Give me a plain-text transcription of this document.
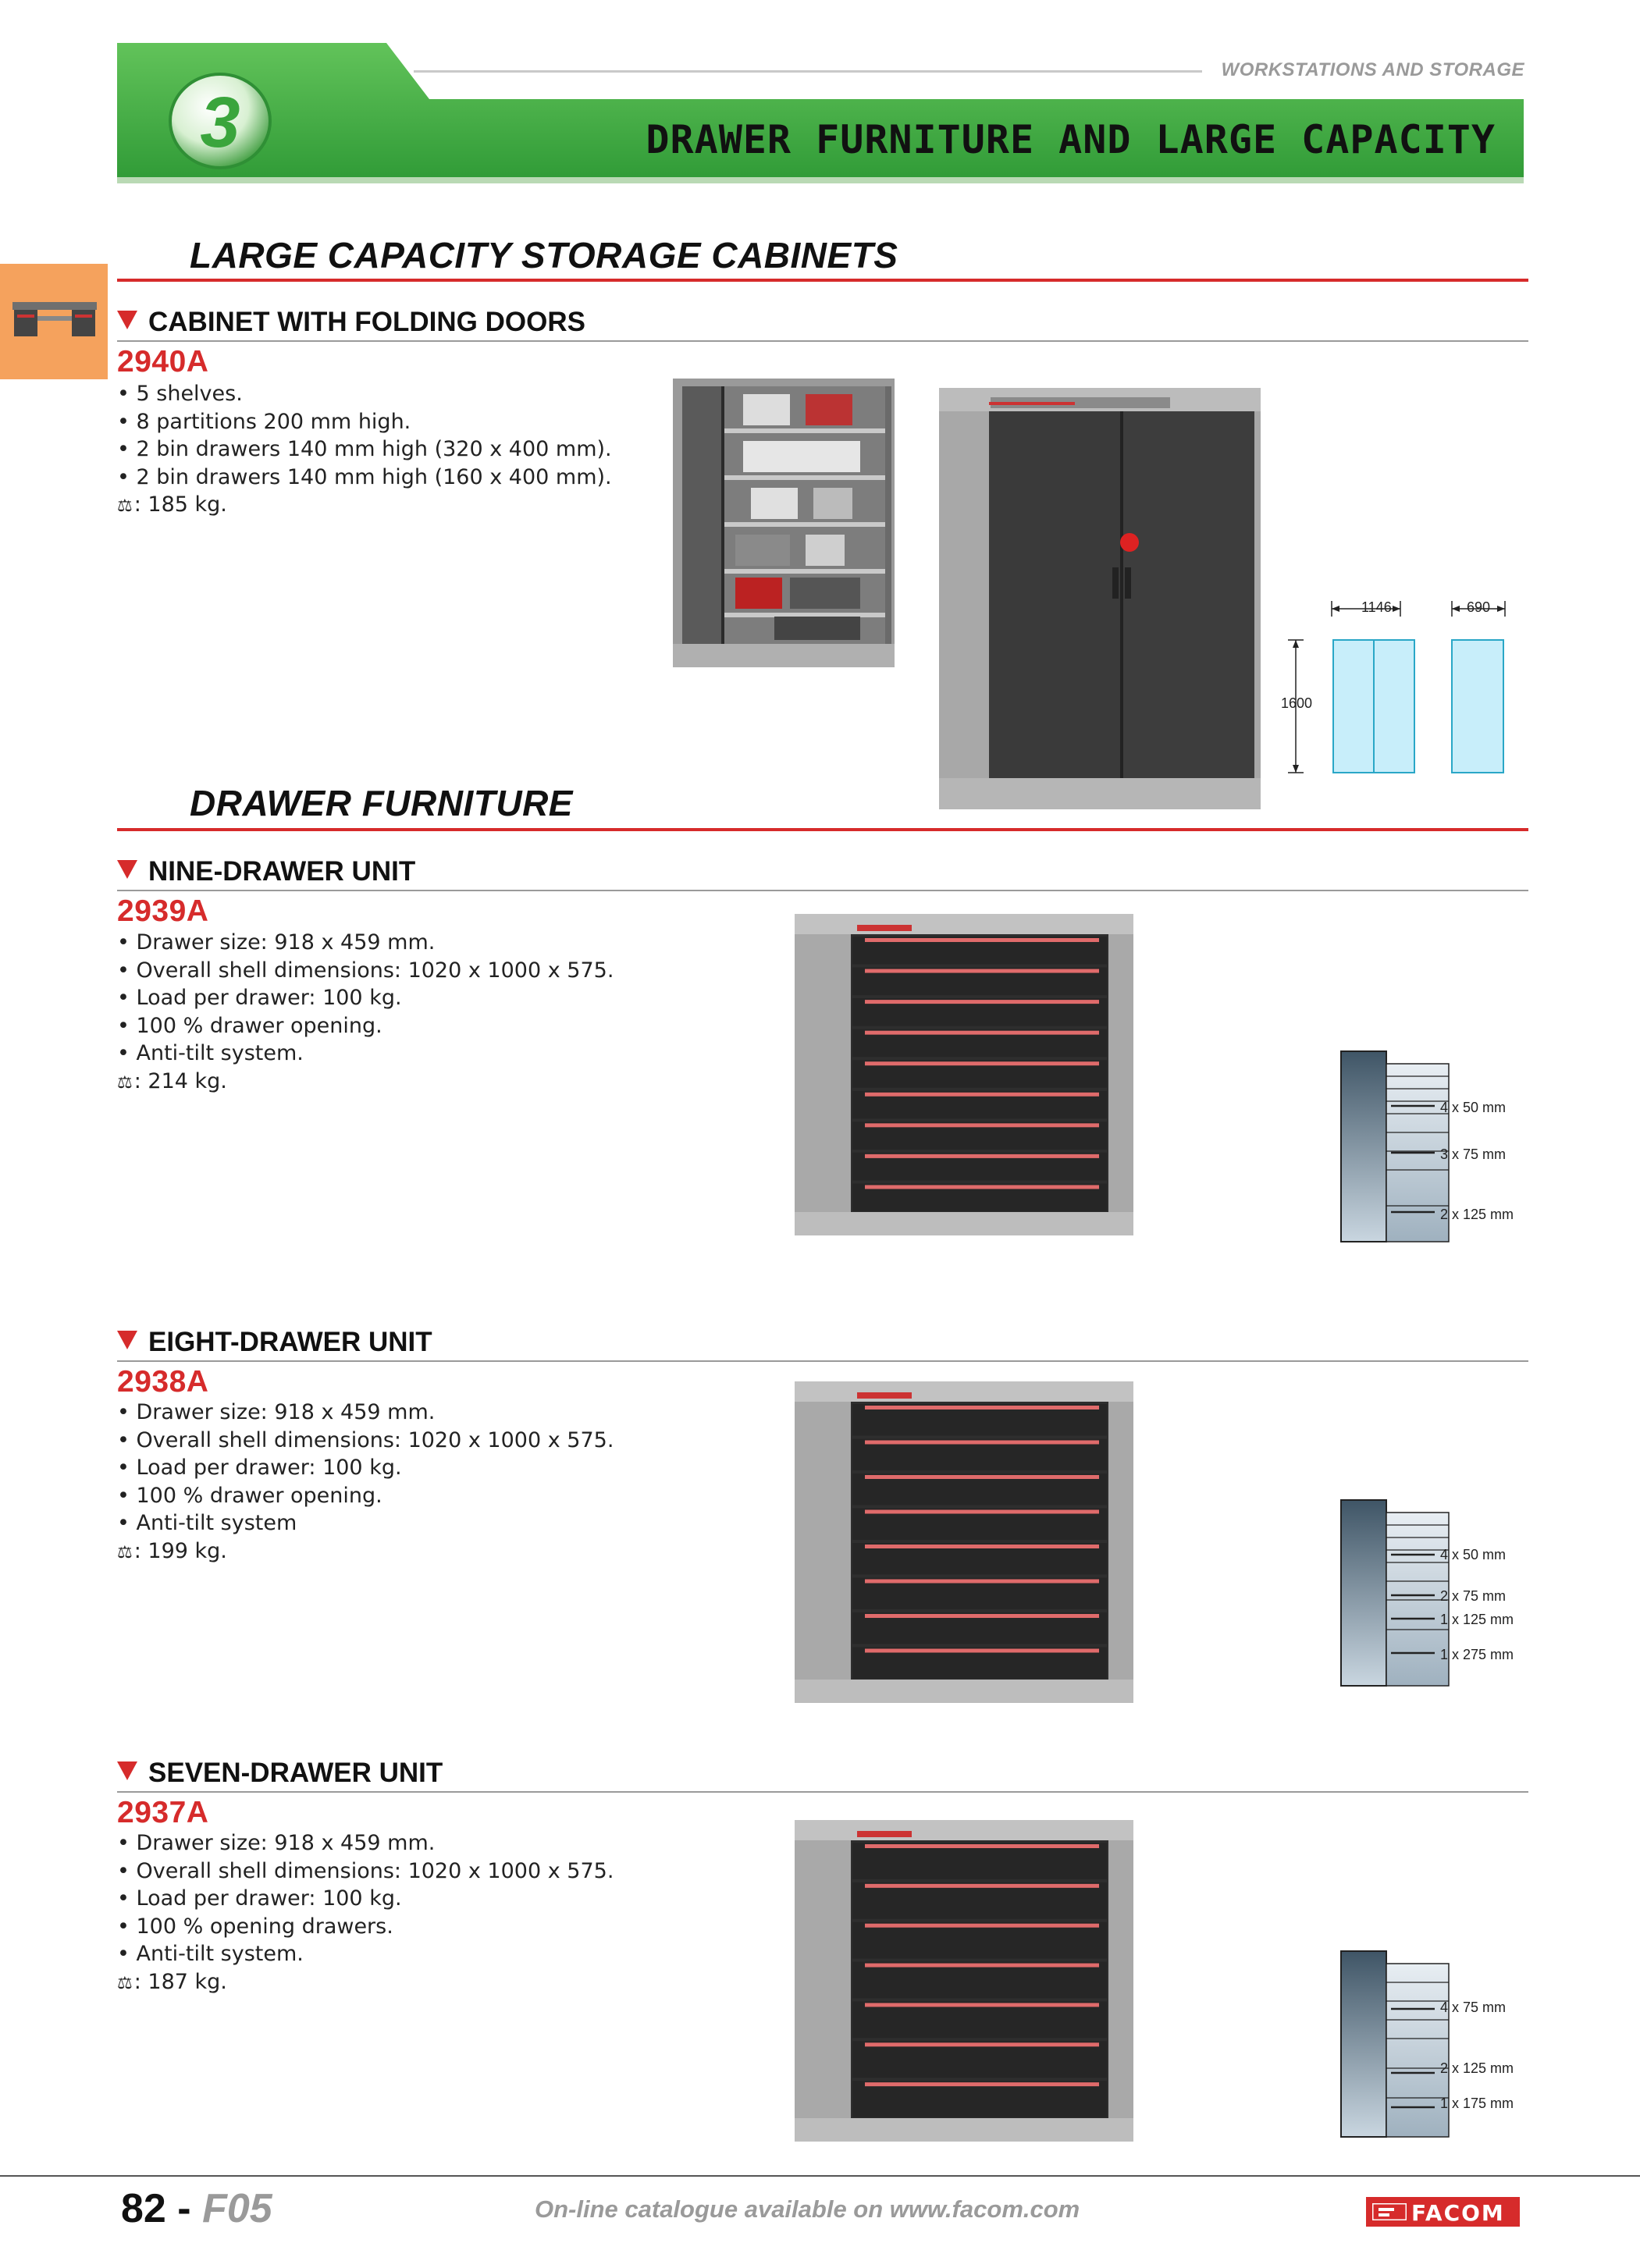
WORKSTATIONS AND STORAGE
3	DRAWER FURNITURE AND LARGE CAPACITY
LARGE CAPACITY STORAGE CABINETS
CABINET WITH FOLDING DOORS
2940A
• 5 shelves.
• 8 partitions 200 mm high.
• 2 bin drawers 140 mm high (320 x 400 mm).
• 2 bin drawers 140 mm high (160 x 400 mm).
⚖ : 185 kg.
1146	690
1600
DRAWER FURNITURE
NINE-DRAWER UNIT
2939A
• Drawer size: 918 x 459 mm.
• Overall shell dimensions: 1020 x 1000 x 575.
• Load per drawer: 100 kg.
• 100 % drawer opening.
• Anti-tilt system.
⚖ : 214 kg.
4 x 50 mm
3 x 75 mm
2 x 125 mm
EIGHT-DRAWER UNIT
2938A
• Drawer size: 918 x 459 mm.
• Overall shell dimensions: 1020 x 1000 x 575.
• Load per drawer: 100 kg.
• 100 % drawer opening.
• Anti-tilt system
⚖ : 199 kg.	4 x 50 mm
2 x 75 mm
1 x 125 mm
1 x 275 mm
SEVEN-DRAWER UNIT
2937A
• Drawer size: 918 x 459 mm.
• Overall shell dimensions: 1020 x 1000 x 575.
• Load per drawer: 100 kg.
• 100 % opening drawers.
• Anti-tilt system.
⚖ : 187 kg.
4 x 75 mm
2 x 125 mm
1 x 175 mm
82 - F05	On-line catalogue available on www.facom.com	FACOM
